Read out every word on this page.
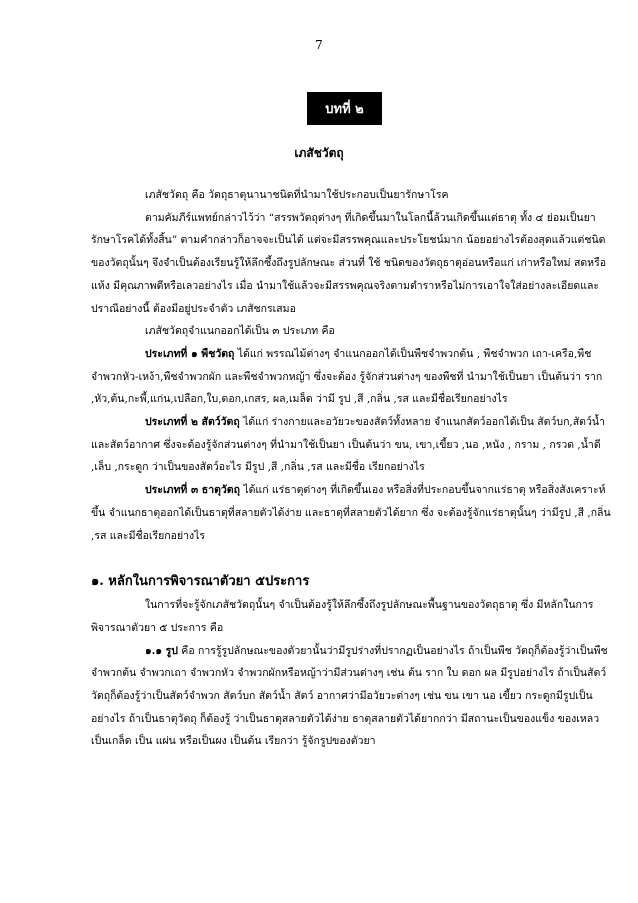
7
บทที่ ๒
เภสัชวัตถุ

เภสัชวัตถุ คือ วัตถุธาตุนานาชนิดที่นำมาใช้ประกอบเป็นยารักษาโรค

ตามคัมภีร์แพทย์กล่าวไว้ว่า “สรรพวัตถุต่างๆ ที่เกิดขึ้นมาในโลกนี้ล้วนเกิดขึ้นแต่ธาตุ ทั้ง ๔ ย่อมเป็นยารักษาโรคได้ทั้งสิ้น” ตามคำกล่าวก็อาจจะเป็นได้ แต่จะมีสรรพคุณและประโยชน์มาก น้อยอย่างไรต้องสุดแล้วแต่ชนิดของวัตถุนั้นๆ จึงจำเป็นต้องเรียนรู้ให้ลึกซึ้งถึงรูปลักษณะ ส่วนที่ ใช้ ชนิดของวัตถุธาตุอ่อนหรือแก่ เก่าหรือใหม่ สดหรือแห้ง มีคุณภาพดีหรือเลวอย่างไร เมื่อ นำมาใช้แล้วจะมีสรรพคุณจริงตามตำราหรือไม่การเอาใจใส่อย่างละเอียดและปราณีอย่างนี้ ต้องมีอยู่ประจำตัว เภสัชกรเสมอ

เภสัชวัตถุจำแนกออกได้เป็น ๓ ประเภท คือ

ประเภทที่ ๑ พืชวัตถุ ได้แก่ พรรณไม้ต่างๆ จำแนกออกได้เป็นพืชจำพวกต้น , พืชจำพวก เถา-เครือ,พืชจำพวกหัว-เหง้า,พืชจำพวกผัก และพืชจำพวกหญ้า ซึ่งจะต้อง รู้จักส่วนต่างๆ ของพืชที่ นำมาใช้เป็นยา เป็นต้นว่า ราก ,หัว,ต้น,กะพี้,แก่น,เปลือก,ใบ,ดอก,เกสร, ผล,เมล็ด ว่ามี รูป ,สี ,กลิ่น ,รส และมีชื่อเรียกอย่างไร

ประเภทที่ ๒ สัตว์วัตถุ ได้แก่ ร่างกายและอวัยวะของสัตว์ทั้งหลาย จำแนกสัตว์ออกได้เป็น สัตว์บก,สัตว์น้ำ และสัตว์อากาศ ซึ่งจะต้องรู้จักส่วนต่างๆ ที่นำมาใช้เป็นยา เป็นต้นว่า ขน, เขา,เขี้ยว ,นอ ,หนัง , กราม , กรวด ,น้ำดี ,เล็บ ,กระดูก ว่าเป็นของสัตว์อะไร มีรูป ,สี ,กลิ่น ,รส และมีชื่อ เรียกอย่างไร

ประเภทที่ ๓ ธาตุวัตถุ ได้แก่ แร่ธาตุต่างๆ ที่เกิดขึ้นเอง หรือสิ่งที่ประกอบขึ้นจากแร่ธาตุ หรือสิ่งสังเคราะห์ขึ้น จำแนกธาตุออกได้เป็นธาตุที่สลายตัวได้ง่าย และธาตุที่สลายตัวได้ยาก ซึ่ง จะต้องรู้จักแร่ธาตุนั้นๆ ว่ามีรูป ,สี ,กลิ่น ,รส และมีชื่อเรียกอย่างไร

๑. หลักในการพิจารณาตัวยา ๕ประการ

ในการที่จะรู้จักเภสัชวัตถุนั้นๆ จำเป็นต้องรู้ให้ลึกซึ้งถึงรูปลักษณะพื้นฐานของวัตถุธาตุ ซึ่ง มีหลักในการพิจารณาตัวยา ๕ ประการ คือ

๑.๑ รูป คือ การรู้รูปลักษณะของตัวยานั้นว่ามีรูปร่างที่ปรากฏเป็นอย่างไร ถ้าเป็นพืช วัตถุก็ต้องรู้ว่าเป็นพืชจำพวกต้น จำพวกเถา จำพวกหัว จำพวกผักหรือหญ้าว่ามีส่วนต่างๆ เช่น ต้น ราก ใบ ดอก ผล มีรูปอย่างไร ถ้าเป็นสัตว์วัตถุก็ต้องรู้ว่าเป็นสัตว์จำพวก สัตว์บก สัตว์น้ำ สัตว์ อากาศว่ามีอวัยวะต่างๆ เช่น ขน เขา นอ เขี้ยว กระดูกมีรูปเป็นอย่างไร ถ้าเป็นธาตุวัตถุ ก็ต้องรู้ ว่าเป็นธาตุสลายตัวได้ง่าย ธาตุสลายตัวได้ยากกว่า มีสถานะเป็นของแข็ง ของเหลวเป็นเกล็ด เป็น แผ่น หรือเป็นผง เป็นต้น เรียกว่า รู้จักรูปของตัวยา
